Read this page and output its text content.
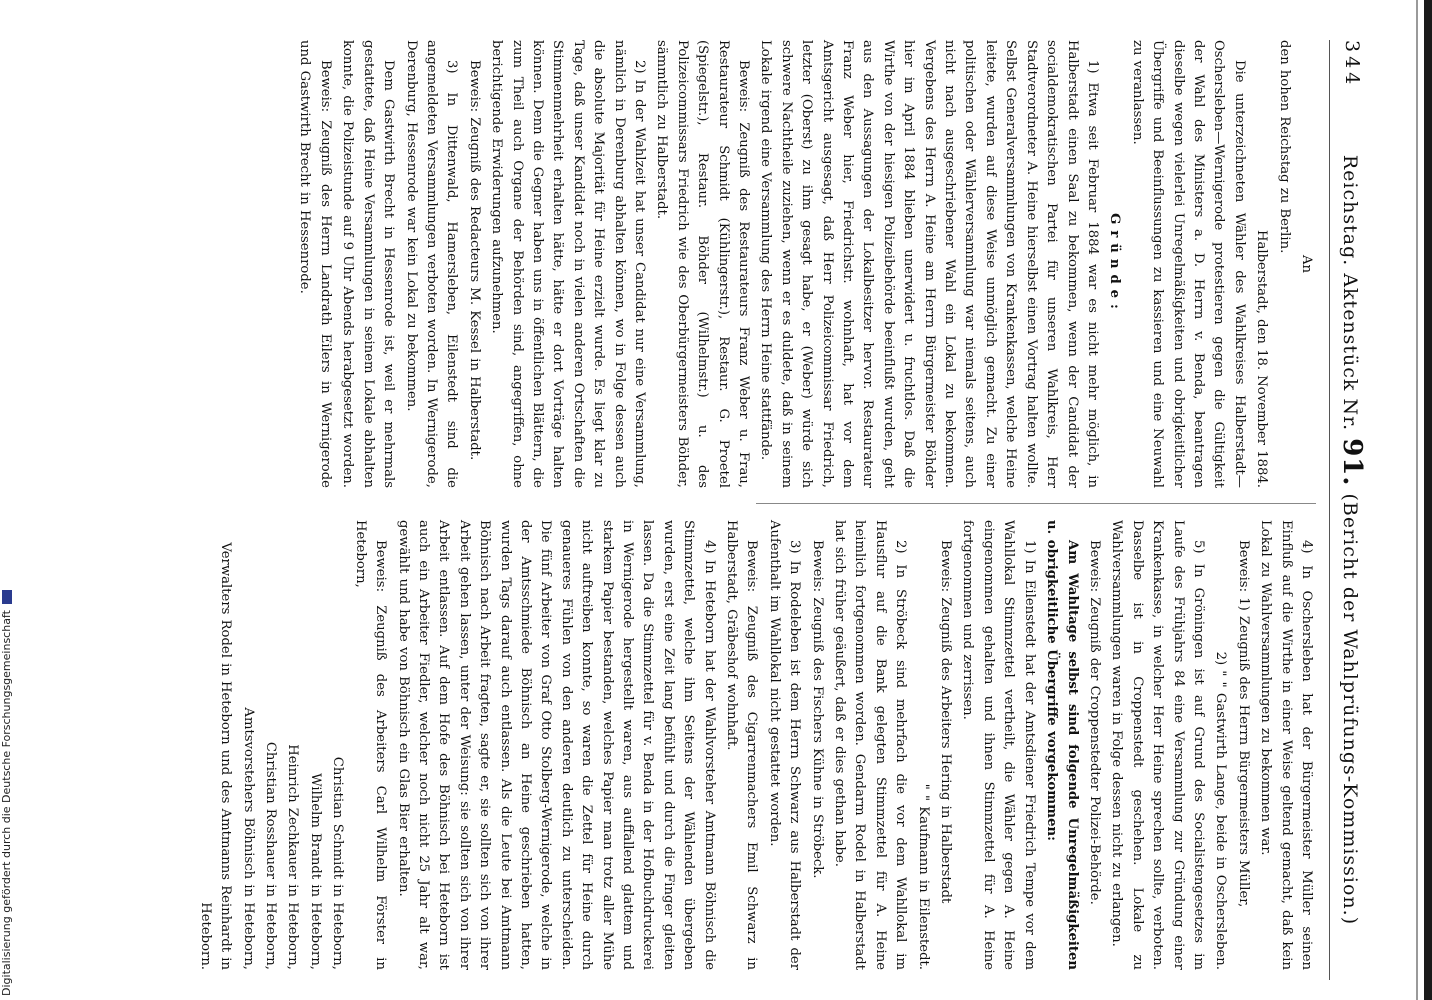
344
Reichstag. Aktenstück Nr. 91. (Bericht der Wahlprüfungs-Kommission.)

An

den hohen Reichstag zu Berlin.

Halberstadt, den 18. November 1884.

Die unterzeichneten Wähler des Wahlkreises Halberstadt—Oschersleben—Wernigerode protestieren gegen die Gültigkeit der Wahl des Ministers a. D. Herrn v. Benda, beantragen dieselbe wegen vielerlei Unregelmäßigkeiten und obrigkeitlicher Übergriffe und Beeinflussungen zu kassieren und eine Neuwahl zu veranlassen.

Gründe:

1) Etwa seit Februar 1884 war es nicht mehr möglich, in Halberstadt einen Saal zu bekommen, wenn der Candidat der socialdemokratischen Partei für unseren Wahlkreis, Herr Stadtverordneter A. Heine hierselbst einen Vortrag halten wollte. Selbst Generalversammlungen von Krankenkassen, welche Heine leitete, wurden auf diese Weise unmöglich gemacht. Zu einer politischen oder Wählerversammlung war niemals seitens, auch nicht nach ausgeschriebener Wahl ein Lokal zu bekommen. Vergebens des Herrn A. Heine am Herrn Bürgermeister Böhder hier im April 1884 blieben unerwidert u. fruchtlos. Daß die Wirthe von der hiesigen Polizeibehörde beeinflußt wurden, geht aus den Aussagungen der Lokalbesitzer hervor. Restaurateur Franz Weber hier, Friedrichstr. wohnhaft, hat vor dem Amtsgericht ausgesagt, daß Herr Polizeicommissar Friedrich, letzter (Oberst) zu ihm gesagt habe, er (Weber) würde sich schwere Nachtheile zuziehen, wenn er es duldete, daß in seinem Lokale irgend eine Versammlung des Herrn Heine stattfände.

Beweis: Zeugniß des Restaurateurs Franz Weber u. Frau, Restaurateur Schmidt (Kühlingerstr.), Restaur. G. Proetel (Spiegelstr.), Restaur. Böhder (Wilhelmstr.) u. des Polizeicommissars Friedrich wie des Oberbürgermeisters Böhder, sämmtlich zu Halberstadt.

2) In der Wahlzeit hat unser Candidat nur eine Versammlung, nämlich in Derenburg abhalten können, wo in Folge dessen auch die absolute Majorität für Heine erzielt wurde. Es liegt klar zu Tage, daß unser Kandidat noch in vielen anderen Ortschaften die Stimmenmehrheit erhalten hätte, hätte er dort Vorträge halten können. Denn die Gegner haben uns in öffentlichen Blättern, die zum Theil auch Organe der Behörden sind, angegriffen, ohne berichtigende Erwiderungen aufzunehmen.

Beweis: Zeugniß des Redacteurs M. Kessel in Halberstadt.

3) In Dittenwald, Hamersleben, Eilenstedt sind die angemeldeten Versammlungen verboten worden. In Wernigerode, Derenburg, Hessenrode war kein Lokal zu bekommen.

Dem Gastwirth Brecht in Hessenrode ist, weil er mehrmals gestattete, daß Heine Versammlungen in seinem Lokale abhalten konnte, die Polizeistunde auf 9 Uhr Abends herabgesetzt worden.

Beweis: Zeugniß des Herrn Landrath Eilers in Wernigerode und Gastwirth Brecht in Hessenrode.

4) In Oschersleben hat der Bürgermeister Müller seinen Einfluß auf die Wirthe in einer Weise geltend gemacht, daß kein Lokal zu Wahlversammlungen zu bekommen war.

Beweis: 1) Zeugniß des Herrn Bürgermeisters Müller,

2) " " Gastwirth Lange, beide in Oschersleben.

5) In Gröningen ist auf Grund des Socialistengesetzes im Laufe des Frühjahrs 84 eine Versammlung zur Gründung einer Krankenkasse, in welcher Herr Heine sprechen sollte, verboten. Dasselbe ist in Croppenstedt geschehen. Lokale zu Wahlversammlungen waren in Folge dessen nicht zu erlangen.

Beweis: Zeugniß der Croppenstedter Polizei-Behörde.

Am Wahltage selbst sind folgende Unregelmäßigkeiten u. obrigkeitliche Übergriffe vorgekommen:

1) In Eilenstedt hat der Amtsdiener Friedrich Tempe vor dem Wahllokal Stimmzettel vertheilt, die Wähler gegen A. Heine eingenommen gehalten und ihnen Stimmzettel für A. Heine fortgenommen und zerrissen.

Beweis: Zeugniß des Arbeiters Hering in Halberstadt

" " Kaufmann in Eilenstedt.

2) In Ströbeck sind mehrfach die vor dem Wahllokal im Hausflur auf die Bank gelegten Stimmzettel für A. Heine heimlich fortgenommen worden. Gendarm Rodel in Halberstadt hat sich früher geäußert, daß er dies gethan habe.

Beweis: Zeugniß des Fischers Kühne in Ströbeck.

3) In Rodeleben ist dem Herrn Schwarz aus Halberstadt der Aufenthalt im Wahllokal nicht gestattet worden.

Beweis: Zeugniß des Cigarrenmachers Emil Schwarz in Halberstadt, Gräbeshof wohnhaft.

4) In Heteborn hat der Wahlvorsteher Amtmann Böhnisch die Stimmzettel, welche ihm Seitens der Wählenden übergeben wurden, erst eine Zeit lang befühlt und durch die Finger gleiten lassen. Da die Stimmzettel für v. Benda in der Hofbuchdruckerei in Wernigerode hergestellt waren, aus auffallend glattem und starkem Papier bestanden, welches Papier man trotz aller Mühe nicht auftreiben konnte, so waren die Zettel für Heine durch genaueres Fühlen von den anderen deutlich zu unterscheiden. Die fünf Arbeiter von Graf Otto Stolberg-Wernigerode, welche in der Amtsschmiede Böhnisch an Heine geschrieben hatten, wurden Tags darauf auch entlassen. Als die Leute bei Amtmann Böhnisch nach Arbeit fragten, sagte er, sie sollten sich von ihrer Arbeit gehen lassen, unter der Weisung: sie sollten sich von ihrer Arbeit entlassen. Auf dem Hofe des Böhnisch bei Heteborn ist auch ein Arbeiter Fiedler, welcher noch nicht 25 Jahr alt war, gewählt und habe von Böhnisch ein Glas Bier erhalten.

Beweis: Zeugniß des Arbeiters Carl Wilhelm Förster in Heteborn,

Christian Schmidt in Heteborn,

Wilhelm Brandt in Heteborn,

Heinrich Zechkauer in Heteborn,

Christian Rosshauer in Heteborn,

Amtsvorstehers Böhnisch in Heteborn,

Verwalters Rodel in Heteborn und des Amtmanns Reinhardt in Heteborn.

Digitalisierung gefördert durch die Deutsche Forschungsgemeinschaft
